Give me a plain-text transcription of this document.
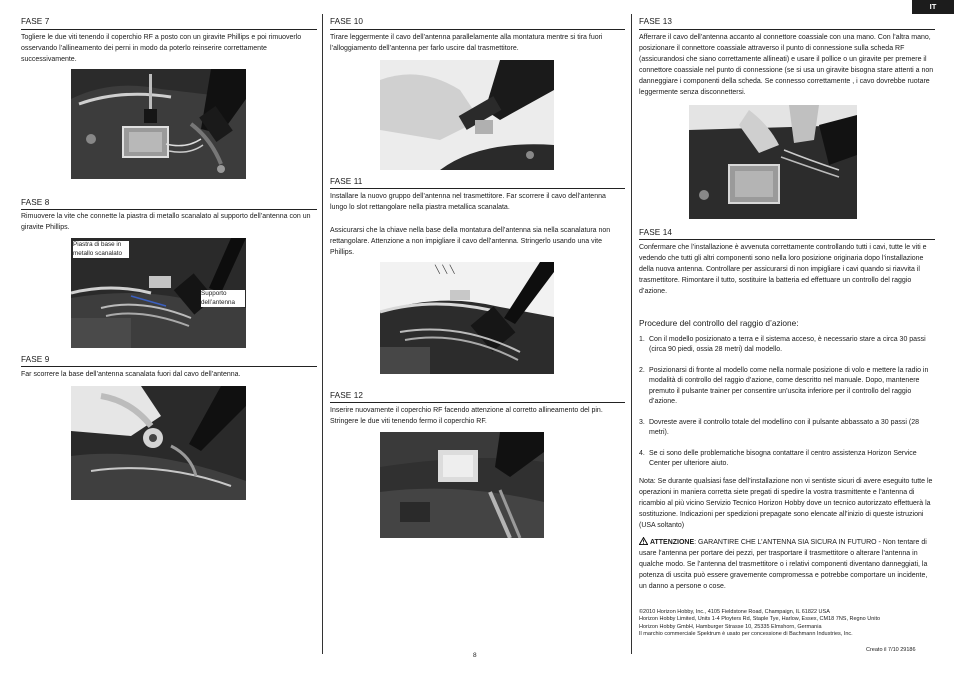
IT
FASE 7

Togliere le due viti tenendo il coperchio RF a posto con un giravite Phillips e poi rimuoverlo osservando l’allineamento dei perni in modo da poterlo reinserire correttamente successivamente.

FASE 8

Rimuovere la vite che connette la piastra di metallo scanalato al supporto dell’antenna con un giravite Phillips.

Piastra di base in metallo scanalato
Supporto dell’antenna
FASE 9

Far scorrere la base dell’antenna scanalata fuori dal cavo dell’antenna.

FASE 10

Tirare leggermente il cavo dell’antenna parallelamente alla montatura mentre si tira fuori l’alloggiamento dell’antenna per farlo uscire dal trasmettitore.

FASE 11

Installare la nuovo gruppo dell’antenna nel trasmettitore. Far scorrere il cavo dell’antenna lungo lo slot rettangolare nella piastra metallica scanalata.

Assicurarsi che la chiave nella base della montatura dell’antenna sia nella scanalatura non rettangolare. Attenzione a non impigliare il cavo dell’antenna. Stringerlo usando una vite Phillips.

╲ ╲ ╲
FASE 12

Inserire nuovamente il coperchio RF facendo attenzione al corretto allineamento del pin. Stringere le due viti tenendo fermo il coperchio RF.

FASE 13

Afferrare il cavo dell’antenna accanto al connettore coassiale con una mano. Con l’altra mano, posizionare il connettore coassiale attraverso il punto di connessione sulla scheda RF (assicurandosi che siano correttamente allineati) e usare il pollice o un giravite per premere il connettore coassiale nel punto di connessione (se si usa un giravite bisogna stare attenti a non danneggiare i componenti della scheda. Se connesso correttamente , i cavo dovrebbe ruotare leggermente senza disconnettersi.

FASE 14

Confermare che l’installazione è avvenuta correttamente controllando tutti i cavi, tutte le viti e vedendo che tutti gli altri componenti sono nella loro posizione originaria dopo l’installazione della nuova antenna. Controllare per assicurarsi di non impigliare i cavi quando si riavvita il trasmettitore. Rimontare il tutto, sostituire la batteria ed effettuare un controllo del raggio d’azione.

Procedure del controllo del raggio d’azione:
1. Con il modello posizionato a terra e il sistema acceso, è necessario stare a circa 30 passi (circa 90 piedi, ossia 28 metri) dal modello.
2. Posizionarsi di fronte al modello come nella normale posizione di volo e mettere la radio in modalità di controllo del raggio d’azione, come descritto nel manuale. Dopo, mantenere premuto il pulsante trainer per consentire un’uscita inferiore per il controllo del raggio d’azione.
3. Dovreste avere il controllo totale del modellino con il pulsante abbassato a 30 passi (28 metri).
4. Se ci sono delle problematiche bisogna contattare il centro assistenza Horizon Service Center per ulteriore aiuto.

Nota: Se durante qualsiasi fase dell’installazione non vi sentiste sicuri di avere eseguito tutte le operazioni in maniera corretta siete pregati di spedire la vostra trasmittente e l’antenna di ricambio al più vicino Servizio Tecnico Horizon Hobby dove un tecnico autorizzato effettuerà la sostituzione. Indicazioni per spedizioni prepagate sono elencate all’inizio di queste istruzioni (USA soltanto)

ATTENZIONE: GARANTIRE CHE L’ANTENNA SIA SICURA IN FUTURO - Non tentare di usare l’antenna per portare dei pezzi, per trasportare il trasmettitore o alterare l’antenna in qualche modo. Se l’antenna del trasmettitore o i relativi componenti diventano danneggiati, la potenza di uscita può essere gravemente compromessa e potrebbe comportare un incidente, un danno a persone o cose.

©2010 Horizon Hobby, Inc., 4105 Fieldstone Road, Champaign, IL 61822 USA
Horizon Hobby Limited, Units 1-4 Ployters Rd, Staple Tye, Harlow, Essex, CM18 7NS, Regno Unito
Horizon Hobby GmbH, Hamburger Strasse 10, 25335 Elmshorn, Germania
Il marchio commerciale Spektrum è usato per concessione di Bachmann Industries, Inc.
8
Creato il 7/10 29186
